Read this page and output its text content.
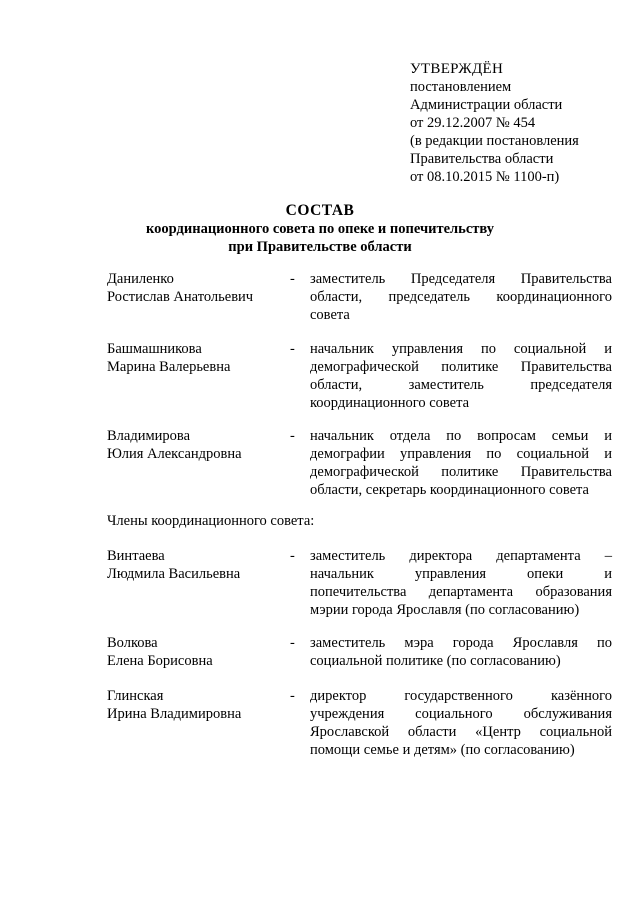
УТВЕРЖДЁН
постановлением
Администрации области
от 29.12.2007 № 454
(в редакции постановления
Правительства области
от 08.10.2015 № 1100-п)
СОСТАВ
координационного совета по опеке и попечительству
при Правительстве области
Даниленко
Ростислав Анатольевич
-	заместитель Председателя Правительства
области, председатель координационного
совета
Башмашникова
Марина Валерьевна
-	начальник управления по социальной и
демографической политике Правительства
области, заместитель председателя
координационного совета
Владимирова
Юлия Александровна
-	начальник отдела по вопросам семьи и
демографии управления по социальной и
демографической политике Правительства
области, секретарь координационного совета
Члены координационного совета:
Винтаева
Людмила Васильевна
-	заместитель директора департамента –
начальник управления опеки и
попечительства департамента образования
мэрии города Ярославля (по согласованию)
Волкова
Елена Борисовна
-	заместитель мэра города Ярославля по
социальной политике (по согласованию)
Глинская
Ирина Владимировна
-	директор государственного казённого
учреждения социального обслуживания
Ярославской области «Центр социальной
помощи семье и детям» (по согласованию)
